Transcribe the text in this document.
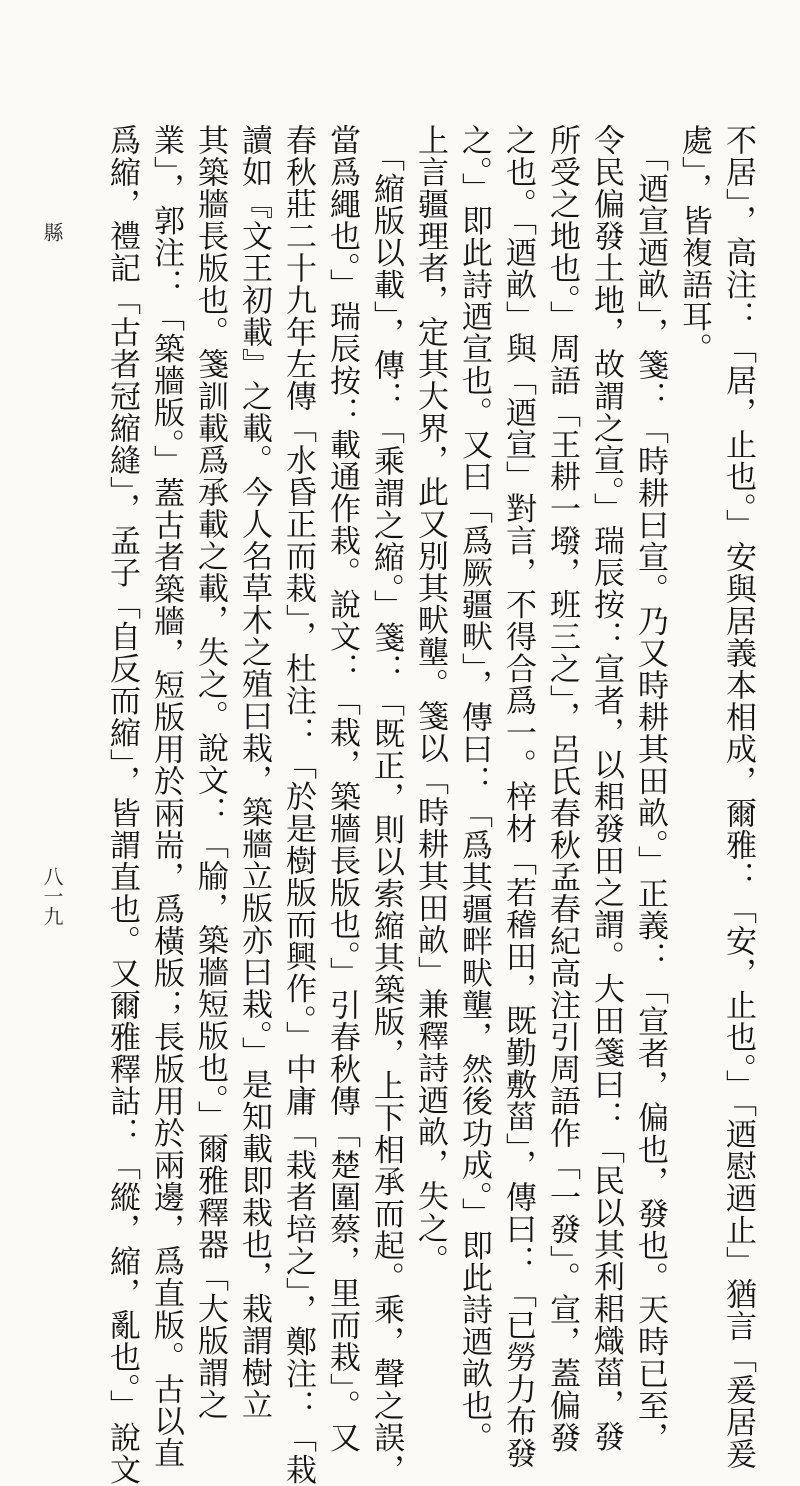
縣
八一九	不居」，高注：「居，止也。」安與居義本相成，爾雅：「安，止也。」「迺慰迺止」猶言「爰居爰
處」，皆複語耳。
　「迺宣迺畝」，箋：「時耕曰宣。乃又時耕其田畝。」正義：「宣者，偏也，發也。天時已至，
令民偏發土地，故謂之宣。」瑞辰按：宣者，以耜發田之謂。大田箋曰：「民以其利耜熾菑，發
所受之地也。」周語「王耕一墢，班三之」，呂氏春秋孟春紀高注引周語作「一發」。宣，蓋偏發
之也。「迺畝」與「迺宣」對言，不得合爲一。梓材「若稽田，既勤敷菑」，傳曰：「已勞力布發
之。」即此詩迺宣也。又曰「爲厥疆畎」，傳曰：「爲其疆畔畎壟，然後功成。」即此詩迺畝也。
上言疆理者，定其大界，此又別其畎壟。箋以「時耕其田畝」兼釋詩迺畝，失之。
　「縮版以載」，傳：「乘謂之縮。」箋：「既正，則以索縮其築版，上下相承而起。乘，聲之誤，
當爲繩也。」瑞辰按：載通作栽。說文：「栽，築牆長版也。」引春秋傳「楚圍蔡，里而栽」。又
春秋莊二十九年左傳「水昏正而栽」，杜注：「於是樹版而興作。」中庸「栽者培之」，鄭注：「栽
讀如『文王初載』之載。今人名草木之殖曰栽，築牆立版亦曰栽。」是知載即栽也，栽謂樹立
其築牆長版也。箋訓載爲承載之載，失之。說文：「牏，築牆短版也。」爾雅釋器「大版謂之
業」，郭注：「築牆版。」蓋古者築牆，短版用於兩耑，爲橫版；長版用於兩邊，爲直版。古以直
爲縮，禮記「古者冠縮縫」，孟子「自反而縮」，皆謂直也。又爾雅釋詁：「縱，縮，亂也。」說文
